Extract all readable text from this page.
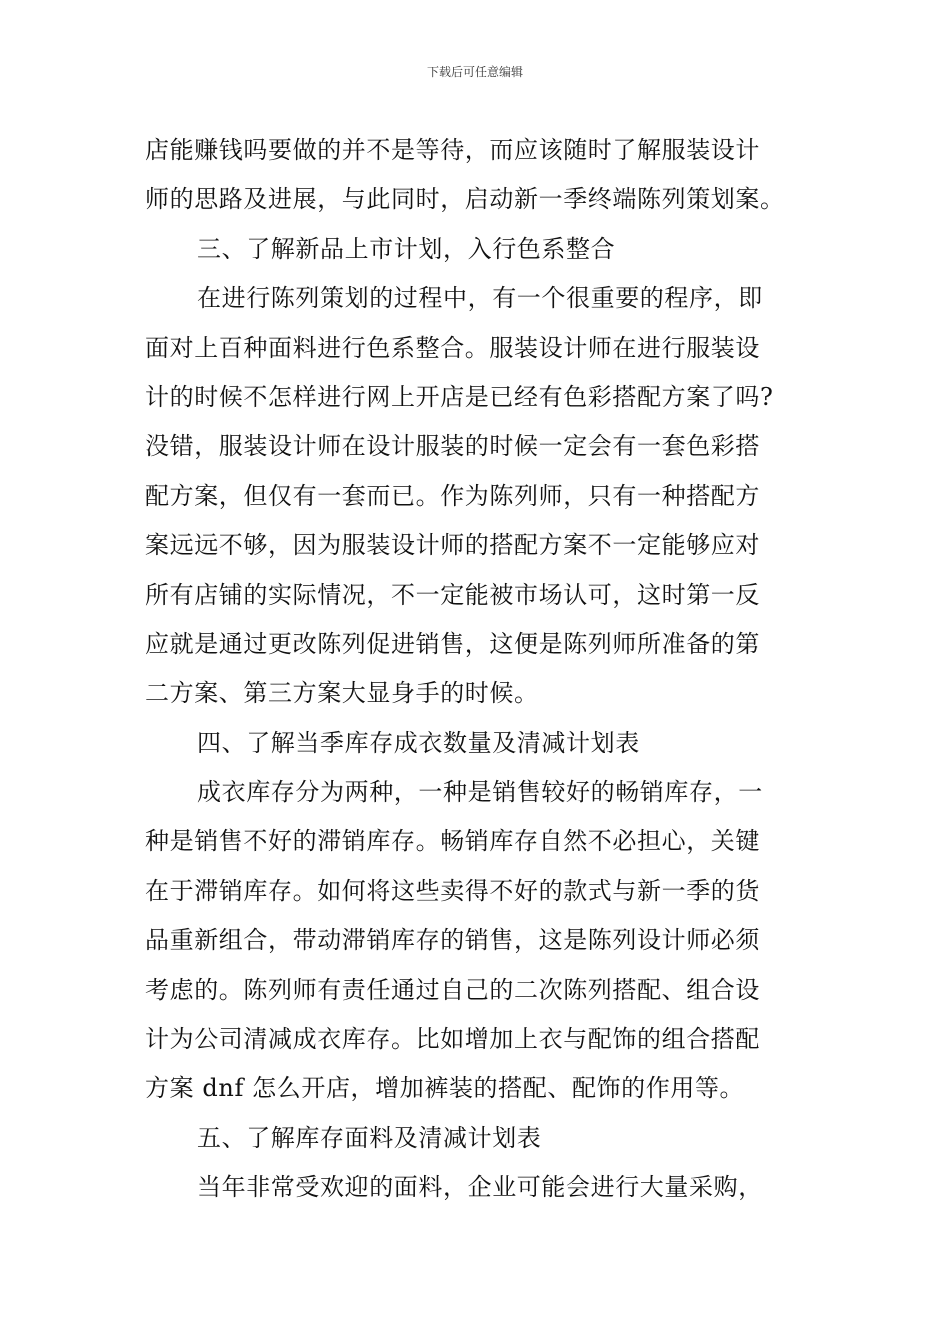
下载后可任意编辑
店能赚钱吗要做的并不是等待，而应该随时了解服装设计
师的思路及进展，与此同时，启动新一季终端陈列策划案。
三、了解新品上市计划，入行色系整合
在进行陈列策划的过程中，有一个很重要的程序，即
面对上百种面料进行色系整合。服装设计师在进行服装设
计的时候不怎样进行网上开店是已经有色彩搭配方案了吗?
没错，服装设计师在设计服装的时候一定会有一套色彩搭
配方案，但仅有一套而已。作为陈列师，只有一种搭配方
案远远不够，因为服装设计师的搭配方案不一定能够应对
所有店铺的实际情况，不一定能被市场认可，这时第一反
应就是通过更改陈列促进销售，这便是陈列师所准备的第
二方案、第三方案大显身手的时候。
四、了解当季库存成衣数量及清减计划表
成衣库存分为两种，一种是销售较好的畅销库存，一
种是销售不好的滞销库存。畅销库存自然不必担心，关键
在于滞销库存。如何将这些卖得不好的款式与新一季的货
品重新组合，带动滞销库存的销售，这是陈列设计师必须
考虑的。陈列师有责任通过自己的二次陈列搭配、组合设
计为公司清减成衣库存。比如增加上衣与配饰的组合搭配
方案 dnf 怎么开店，增加裤装的搭配、配饰的作用等。
五、了解库存面料及清减计划表
当年非常受欢迎的面料，企业可能会进行大量采购，
